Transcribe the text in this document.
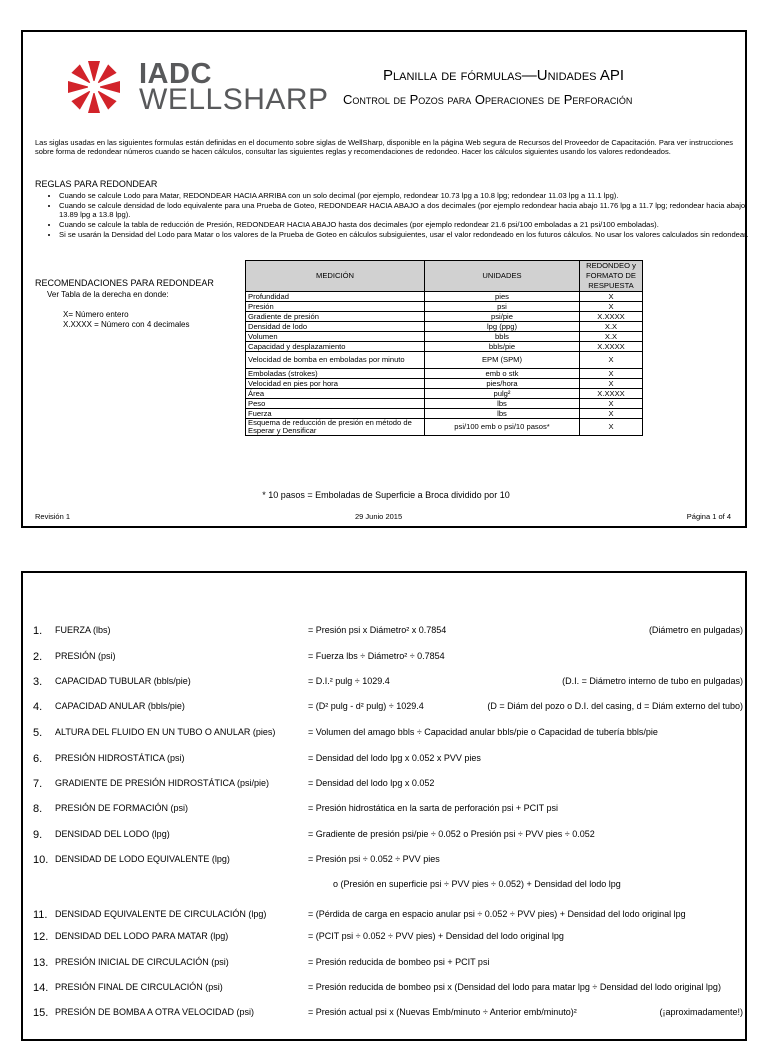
IADC
WELLSHARP
Planilla de fórmulas—Unidades API
Control de Pozos para Operaciones de Perforación
Las siglas usadas en las siguientes formulas están definidas en el documento sobre siglas de WellSharp, disponible en la página Web segura de Recursos del Proveedor de Capacitación. Para ver instrucciones sobre forma de redondear números cuando se hacen cálculos, consultar las siguientes reglas y recomendaciones de redondeo. Hacer los cálculos siguientes usando los valores redondeados.
REGLAS PARA REDONDEAR
• Cuando se calcule Lodo para Matar, REDONDEAR HACIA ARRIBA con un solo decimal (por ejemplo, redondear 10.73 lpg a 10.8 lpg; redondear 11.03 lpg a 11.1 lpg).
• Cuando se calcule densidad de lodo equivalente para una Prueba de Goteo, REDONDEAR HACIA ABAJO a dos decimales (por ejemplo redondear hacia abajo 11.76 lpg a 11.7 lpg; redondear hacia abajo 13.89 lpg a 13.8 lpg).
• Cuando se calcule la tabla de reducción de Presión, REDONDEAR HACIA ABAJO hasta dos decimales (por ejemplo redondear 21.6 psi/100 emboladas a 21 psi/100 emboladas).
• Si se usarán la Densidad del Lodo para Matar o los valores de la Prueba de Goteo en cálculos subsiguientes, usar el valor redondeado en los futuros cálculos. No usar los valores calculados sin redondear.
RECOMENDACIONES PARA REDONDEAR
Ver Tabla de la derecha en donde:
X= Número entero
X.XXXX = Número con 4 decimales
MEDICIÓN	UNIDADES	REDONDEO y FORMATO DE RESPUESTA
Profundidad	pies	X
Presión	psi	X
Gradiente de presión	psi/pie	X.XXXX
Densidad de lodo	lpg (ppg)	X.X
Volumen	bbls	X.X
Capacidad y desplazamiento	bbls/pie	X.XXXX
Velocidad de bomba en emboladas por minuto	EPM (SPM)	X
Emboladas (strokes)	emb o stk	X
Velocidad en pies por hora	pies/hora	X
Área	pulg²	X.XXXX
Peso	lbs	X
Fuerza	lbs	X
Esquema de reducción de presión en método de Esperar y Densificar	psi/100 emb o psi/10 pasos*	X
* 10 pasos = Emboladas de Superficie a Broca dividido por 10
Revisión 1	29 Junio 2015	Página 1 of 4
1. FUERZA (lbs)	= Presión psi x Diámetro² x 0.7854	(Diámetro en pulgadas)
2. PRESIÓN (psi)	= Fuerza lbs ÷ Diámetro² ÷ 0.7854
3. CAPACIDAD TUBULAR (bbls/pie)	= D.I.² pulg ÷ 1029.4	(D.I. = Diámetro interno de tubo en pulgadas)
4. CAPACIDAD ANULAR (bbls/pie)	= (D² pulg - d² pulg) ÷ 1029.4	(D = Diám del pozo o D.I. del casing, d = Diám externo del tubo)
5. ALTURA DEL FLUIDO EN UN TUBO O ANULAR (pies)	= Volumen del amago bbls ÷ Capacidad anular bbls/pie o Capacidad de tubería bbls/pie
6. PRESIÓN HIDROSTÁTICA (psi)	= Densidad del lodo lpg x 0.052 x PVV pies
7. GRADIENTE DE PRESIÓN HIDROSTÁTICA (psi/pie)	= Densidad del lodo lpg x 0.052
8. PRESIÓN DE FORMACIÓN (psi)	= Presión hidrostática en la sarta de perforación psi + PCIT psi
9. DENSIDAD DEL LODO (lpg)	= Gradiente de presión psi/pie ÷ 0.052 o Presión psi ÷ PVV pies ÷ 0.052
10. DENSIDAD DE LODO EQUIVALENTE (lpg)	= Presión psi ÷ 0.052 ÷ PVV pies
o (Presión en superficie psi ÷ PVV pies ÷ 0.052) + Densidad del lodo lpg
11. DENSIDAD EQUIVALENTE DE CIRCULACIÓN (lpg)	= (Pérdida de carga en espacio anular psi ÷ 0.052 ÷ PVV pies) + Densidad del lodo original lpg
12. DENSIDAD DEL LODO PARA MATAR (lpg)	= (PCIT psi ÷ 0.052 ÷ PVV pies) + Densidad del lodo original lpg
13. PRESIÓN INICIAL DE CIRCULACIÓN (psi)	= Presión reducida de bombeo psi + PCIT psi
14. PRESIÓN FINAL DE CIRCULACIÓN (psi)	= Presión reducida de bombeo psi x (Densidad del lodo para matar lpg ÷ Densidad del lodo original lpg)
15. PRESIÓN DE BOMBA A OTRA VELOCIDAD (psi)	= Presión actual psi x (Nuevas Emb/minuto ÷ Anterior emb/minuto)²	(¡aproximadamente!)
